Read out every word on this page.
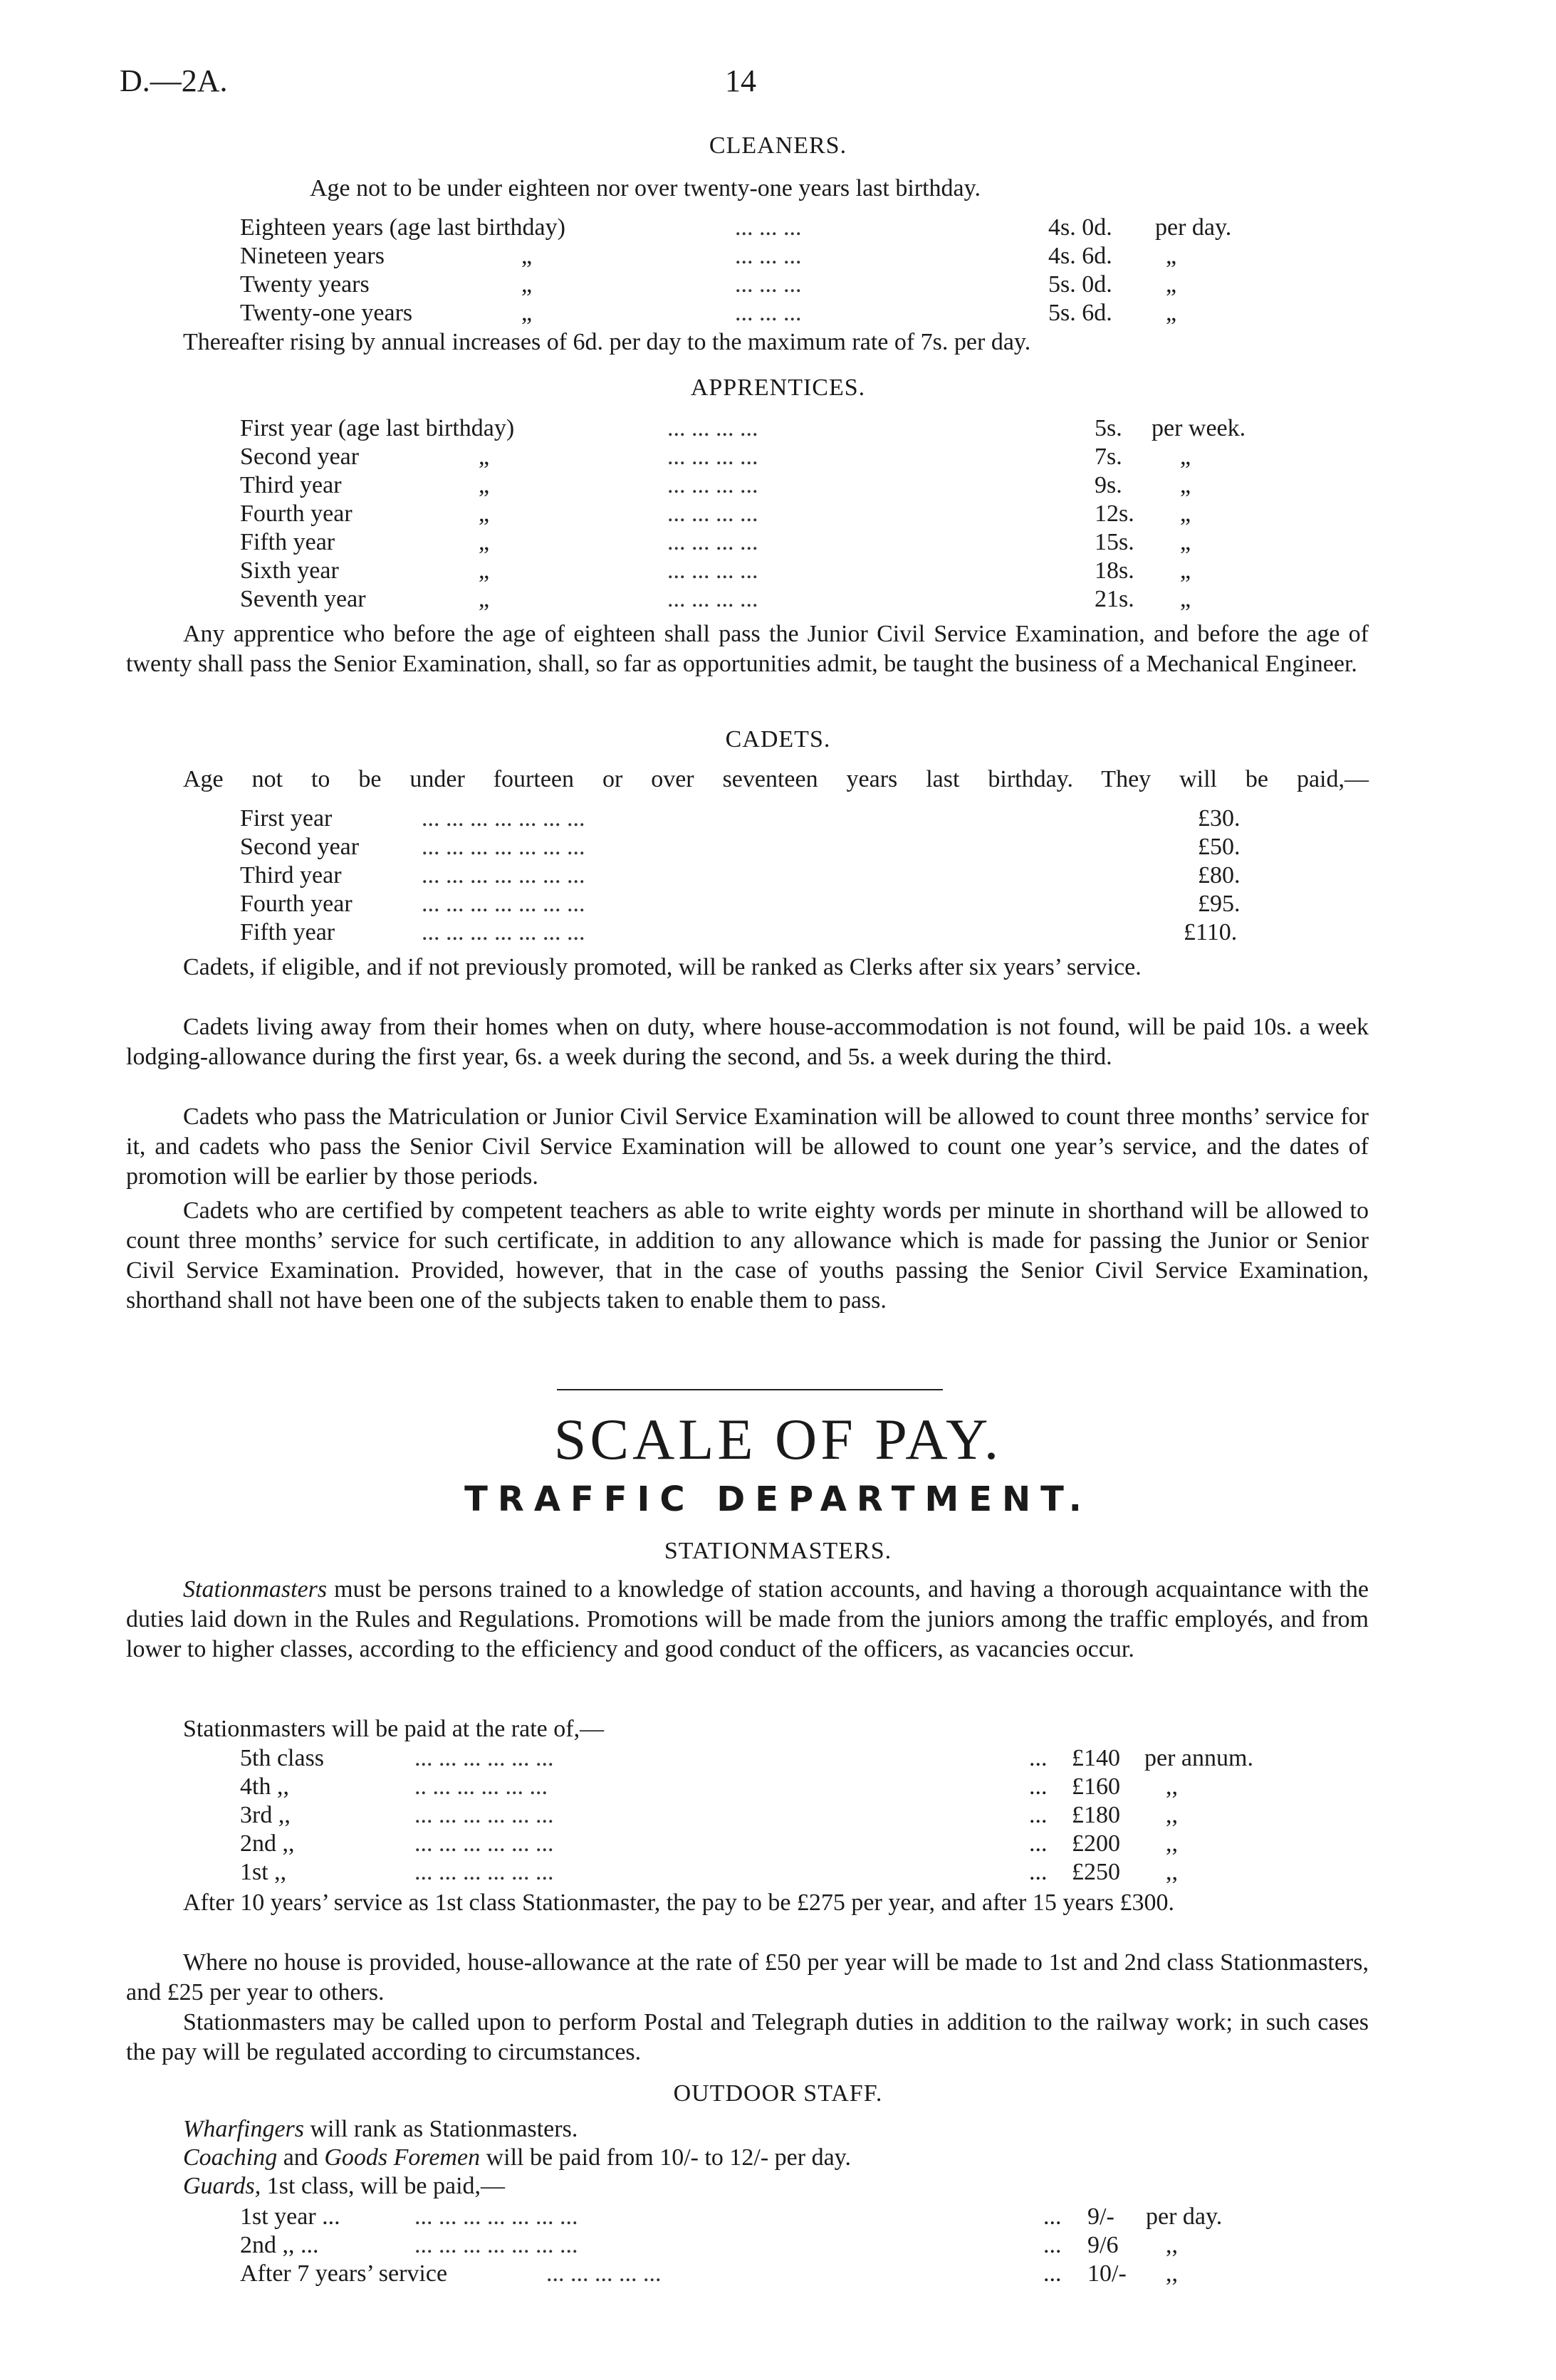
D.—2A.	14
CLEANERS.
Age not to be under eighteen nor over twenty-one years last birthday.
Eighteen years (age last birthday)	... ... ...	4s. 0d. per day.
Nineteen years	„	... ... ...	4s. 6d. „
Twenty years	„	... ... ...	5s. 0d. „
Twenty-one years	„	... ... ...	5s. 6d. „
Thereafter rising by annual increases of 6d. per day to the maximum rate of 7s. per day.
APPRENTICES.
First year (age last birthday)	... ... ... ...	5s. per week.
Second year	„	... ... ... ...	7s. „
Third year	„	... ... ... ...	9s. „
Fourth year	„	... ... ... ...	12s. „
Fifth year	„	... ... ... ...	15s. „
Sixth year	„	... ... ... ...	18s. „
Seventh year	„	... ... ... ...	21s. „

Any apprentice who before the age of eighteen shall pass the Junior Civil Service Examination, and before the age of twenty shall pass the Senior Examination, shall, so far as opportunities admit, be taught the business of a Mechanical Engineer.

CADETS.
Age not to be under fourteen or over seventeen years last birthday. They will be paid,—
First year	... ... ... ... ... ... ...	£30.
Second year	... ... ... ... ... ... ...	£50.
Third year	... ... ... ... ... ... ...	£80.
Fourth year	... ... ... ... ... ... ...	£95.
Fifth year	... ... ... ... ... ... ...	£110.

Cadets, if eligible, and if not previously promoted, will be ranked as Clerks after six years’ service.

Cadets living away from their homes when on duty, where house-accommodation is not found, will be paid 10s. a week lodging-allowance during the first year, 6s. a week during the second, and 5s. a week during the third.

Cadets who pass the Matriculation or Junior Civil Service Examination will be allowed to count three months’ service for it, and cadets who pass the Senior Civil Service Examination will be allowed to count one year’s service, and the dates of promotion will be earlier by those periods.

Cadets who are certified by competent teachers as able to write eighty words per minute in shorthand will be allowed to count three months’ service for such certificate, in addition to any allowance which is made for passing the Junior or Senior Civil Service Examination. Provided, however, that in the case of youths passing the Senior Civil Service Examination, shorthand shall not have been one of the subjects taken to enable them to pass.

SCALE OF PAY.
TRAFFIC DEPARTMENT.
STATIONMASTERS.

Stationmasters must be persons trained to a knowledge of station accounts, and having a thorough acquaintance with the duties laid down in the Rules and Regulations. Promotions will be made from the juniors among the traffic employés, and from lower to higher classes, according to the efficiency and good conduct of the officers, as vacancies occur.

Stationmasters will be paid at the rate of,—
5th class	... ... ... ... ... ...	... £140 per annum.
4th ,,	.. ... ... ... ... ...	... £160 ,,
3rd ,,	... ... ... ... ... ...	... £180 ,,
2nd ,,	... ... ... ... ... ...	... £200 ,,
1st ,,	... ... ... ... ... ...	... £250 ,,

After 10 years’ service as 1st class Stationmaster, the pay to be £275 per year, and after 15 years £300.

Where no house is provided, house-allowance at the rate of £50 per year will be made to 1st and 2nd class Stationmasters, and £25 per year to others.

Stationmasters may be called upon to perform Postal and Telegraph duties in addition to the railway work; in such cases the pay will be regulated according to circumstances.

OUTDOOR STAFF.
Wharfingers will rank as Stationmasters.
Coaching and Goods Foremen will be paid from 10/- to 12/- per day.
Guards, 1st class, will be paid,—
1st year ...	... ... ... ... ... ... ...	... 9/- per day.
2nd ,, ...	... ... ... ... ... ... ...	... 9/6 ,,
After 7 years’ service	... ... ... ... ...	... 10/- ,,
